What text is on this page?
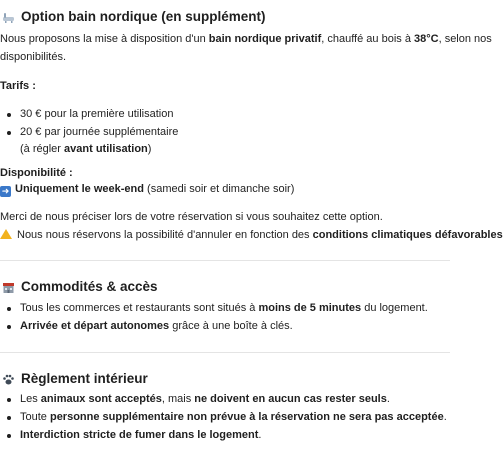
Option bain nordique (en supplément)
Nous proposons la mise à disposition d'un bain nordique privatif, chauffé au bois à 38°C, selon nos
disponibilités.
Tarifs :
30 € pour la première utilisation
20 € par journée supplémentaire
(à régler avant utilisation)
Disponibilité :
➜ Uniquement le week-end (samedi soir et dimanche soir)
Merci de nous préciser lors de votre réservation si vous souhaitez cette option.
Nous nous réservons la possibilité d'annuler en fonction des conditions climatiques défavorables
Commodités & accès
Tous les commerces et restaurants sont situés à moins de 5 minutes du logement.
Arrivée et départ autonomes grâce à une boîte à clés.
Règlement intérieur
Les animaux sont acceptés, mais ne doivent en aucun cas rester seuls.
Toute personne supplémentaire non prévue à la réservation ne sera pas acceptée.
Interdiction stricte de fumer dans le logement.
